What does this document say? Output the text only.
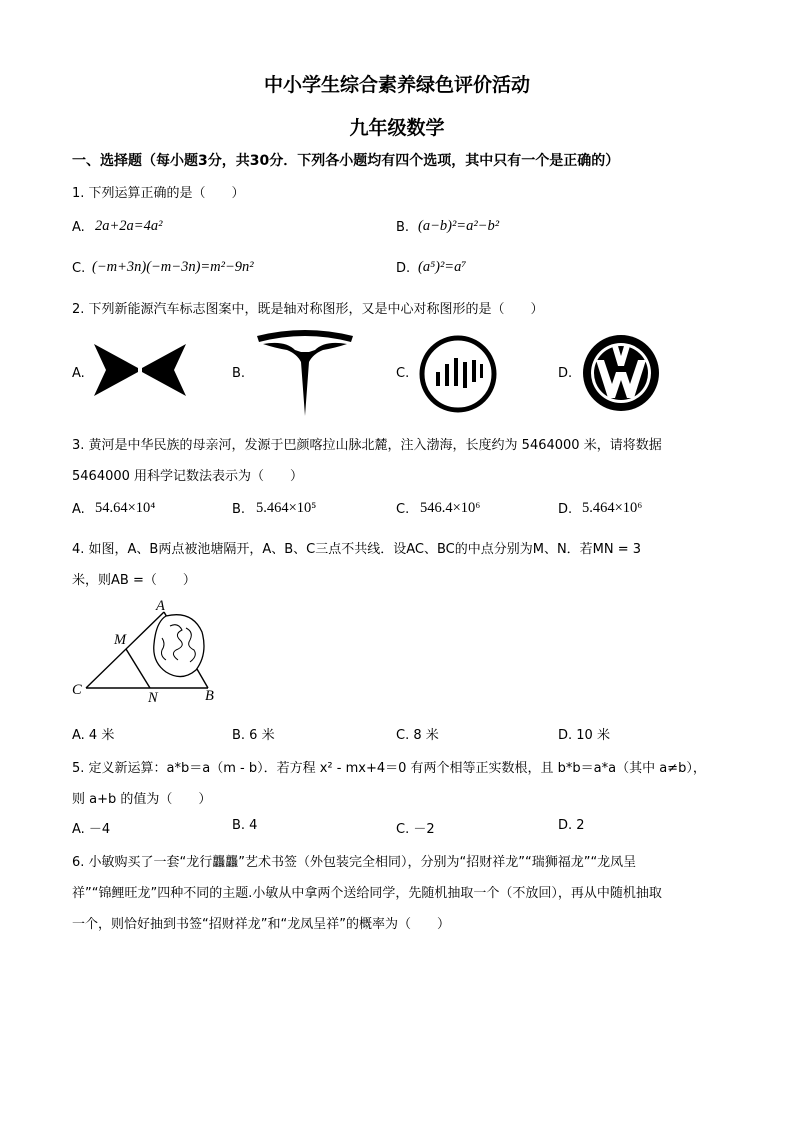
中小学生综合素养绿色评价活动
九年级数学
一、选择题（每小题3分，共30分．下列各小题均有四个选项，其中只有一个是正确的）
1. 下列运算正确的是（　　）
A. 2a+2a=4a²	B. (a−b)²=a²−b²
C. (−m+3n)(−m−3n)=m²−9n²	D. (a⁵)²=a⁷
2. 下列新能源汽车标志图案中，既是轴对称图形，又是中心对称图形的是（　　）
A.	B.	C.	D.
3. 黄河是中华民族的母亲河，发源于巴颜喀拉山脉北麓，注入渤海，长度约为 5464000 米，请将数据
5464000 用科学记数法表示为（　　）
A. 54.64×10⁴	B. 5.464×10⁵	C. 546.4×10⁶	D. 5.464×10⁶
4. 如图，A、B两点被池塘隔开，A、B、C三点不共线．设AC、BC的中点分别为M、N．若MN = 3
米，则AB =（　　）
A
M
C	N	B
A. 4 米	B. 6 米	C. 8 米	D. 10 米
5. 定义新运算：a*b＝a（m - b）．若方程 x² - mx+4＝0 有两个相等正实数根，且 b*b＝a*a（其中 a≠b），
则 a+b 的值为（　　）
A. －4	B. 4	C. －2	D. 2
6. 小敏购买了一套“龙行龘龘”艺术书签（外包装完全相同），分别为“招财祥龙”“瑞狮福龙”“龙凤呈
祥”“锦鲤旺龙”四种不同的主题.小敏从中拿两个送给同学，先随机抽取一个（不放回），再从中随机抽取
一个，则恰好抽到书签“招财祥龙”和“龙凤呈祥”的概率为（　　）
